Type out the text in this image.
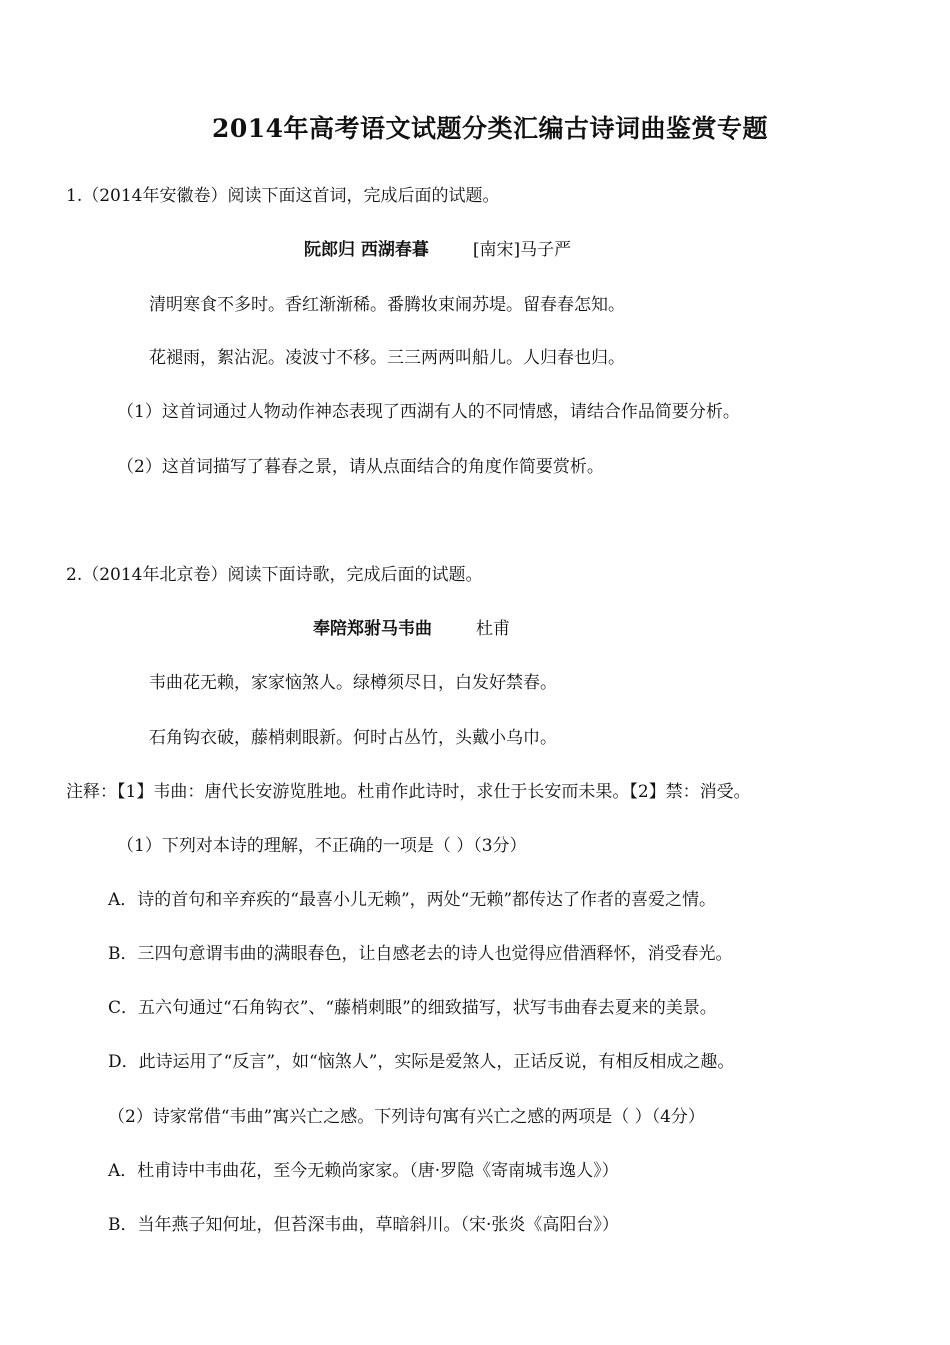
2014年高考语文试题分类汇编古诗词曲鉴赏专题
1.（2014年安徽卷）阅读下面这首词，完成后面的试题。
阮郎归 西湖春暮	[南宋]马子严
清明寒食不多时。香红渐渐稀。番腾妆束闹苏堤。留春春怎知。
花褪雨，絮沾泥。凌波寸不移。三三两两叫船儿。人归春也归。
（1）这首词通过人物动作神态表现了西湖有人的不同情感，请结合作品简要分析。
（2）这首词描写了暮春之景，请从点面结合的角度作简要赏析。
2.（2014年北京卷）阅读下面诗歌，完成后面的试题。
奉陪郑驸马韦曲	杜甫
韦曲花无赖，家家恼煞人。绿樽须尽日，白发好禁春。
石角钩衣破，藤梢刺眼新。何时占丛竹，头戴小乌巾。
注释：【1】韦曲：唐代长安游览胜地。杜甫作此诗时，求仕于长安而未果。【2】禁：消受。
（1）下列对本诗的理解，不正确的一项是（ ）（3分）
A．诗的首句和辛弃疾的“最喜小儿无赖”，两处“无赖”都传达了作者的喜爱之情。
B．三四句意谓韦曲的满眼春色，让自感老去的诗人也觉得应借酒释怀，消受春光。
C．五六句通过“石角钩衣”、“藤梢刺眼”的细致描写，状写韦曲春去夏来的美景。
D．此诗运用了“反言”，如“恼煞人”，实际是爱煞人，正话反说，有相反相成之趣。
（2）诗家常借“韦曲”寓兴亡之感。下列诗句寓有兴亡之感的两项是（ ）（4分）
A．杜甫诗中韦曲花，至今无赖尚家家。（唐·罗隐《寄南城韦逸人》）
B．当年燕子知何址，但苔深韦曲，草暗斜川。（宋·张炎《高阳台》）
